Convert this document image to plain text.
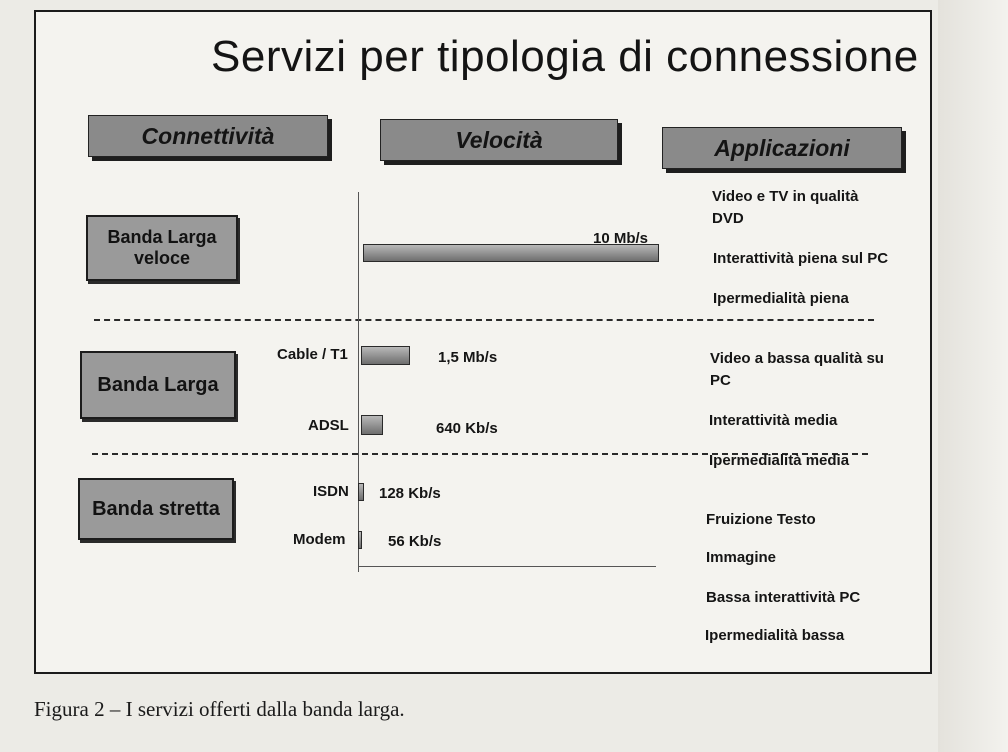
Servizi per tipologia di connessione
Connettività	Velocità	Applicazioni
Banda Larga
veloce
Banda Larga
Banda stretta
10 Mb/s
Cable / T1	1,5 Mb/s
ADSL	640 Kb/s
ISDN 128 Kb/s
Modem	56 Kb/s
Video e TV in qualità DVD
Interattività piena sul PC
Ipermedialità piena
Video a bassa qualità su PC
Interattività media
Ipermedialità media
Fruizione Testo
Immagine
Bassa interattività PC
Ipermedialità bassa
Figura 2 – I servizi offerti dalla banda larga.
